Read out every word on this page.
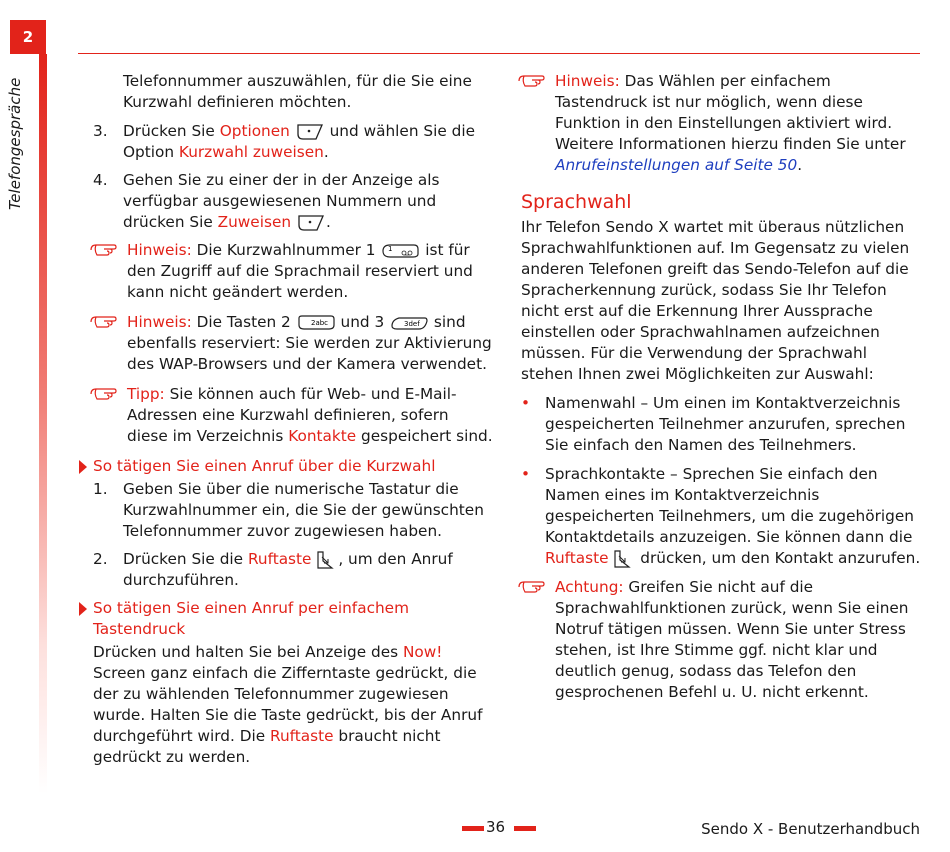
2
Telefongespräche	Telefonnummer auszuwählen, für die Sie eine Kurzwahl definieren möchten.
3. Drücken Sie Optionen  und wählen Sie die Option Kurzwahl zuweisen.
4. Gehen Sie zu einer der in der Anzeige als verfügbar ausgewiesenen Nummern und drücken Sie Zuweisen .
Hinweis: Die Kurzwahlnummer 1 1 ist für den Zugriff auf die Sprachmail reserviert und kann nicht geändert werden.
Hinweis: Die Tasten 2 2abc und 3 3def sind ebenfalls reserviert: Sie werden zur Aktivierung des WAP-Browsers und der Kamera verwendet.
Tipp: Sie können auch für Web- und E-Mail-Adressen eine Kurzwahl definieren, sofern diese im Verzeichnis Kontakte gespeichert sind.
So tätigen Sie einen Anruf über die Kurzwahl
1. Geben Sie über die numerische Tastatur die Kurzwahlnummer ein, die Sie der gewünschten Telefonnummer zuvor zugewiesen haben.
2. Drücken Sie die Ruftaste , um den Anruf durchzuführen.
So tätigen Sie einen Anruf per einfachem Tastendruck
Drücken und halten Sie bei Anzeige des Now! Screen ganz einfach die Zifferntaste gedrückt, die der zu wählenden Telefonnummer zugewiesen wurde. Halten Sie die Taste gedrückt, bis der Anruf durchgeführt wird. Die Ruftaste braucht nicht gedrückt zu werden.
Hinweis: Das Wählen per einfachem Tastendruck ist nur möglich, wenn diese Funktion in den Einstellungen aktiviert wird. Weitere Informationen hierzu finden Sie unter Anrufeinstellungen auf Seite 50.
Sprachwahl
Ihr Telefon Sendo X wartet mit überaus nützlichen Sprachwahlfunktionen auf. Im Gegensatz zu vielen anderen Telefonen greift das Sendo-Telefon auf die Spracherkennung zurück, sodass Sie Ihr Telefon nicht erst auf die Erkennung Ihrer Aussprache einstellen oder Sprachwahlnamen aufzeichnen müssen. Für die Verwendung der Sprachwahl stehen Ihnen zwei Möglichkeiten zur Auswahl:
• Namenwahl – Um einen im Kontaktverzeichnis gespeicherten Teilnehmer anzurufen, sprechen Sie einfach den Namen des Teilnehmers.
• Sprachkontakte – Sprechen Sie einfach den Namen eines im Kontaktverzeichnis gespeicherten Teilnehmers, um die zugehörigen Kontaktdetails anzuzeigen. Sie können dann die Ruftaste  drücken, um den Kontakt anzurufen.
Achtung: Greifen Sie nicht auf die Sprachwahlfunktionen zurück, wenn Sie einen Notruf tätigen müssen. Wenn Sie unter Stress stehen, ist Ihre Stimme ggf. nicht klar und deutlich genug, sodass das Telefon den gesprochenen Befehl u. U. nicht erkennt.
36	Sendo X - Benutzerhandbuch
